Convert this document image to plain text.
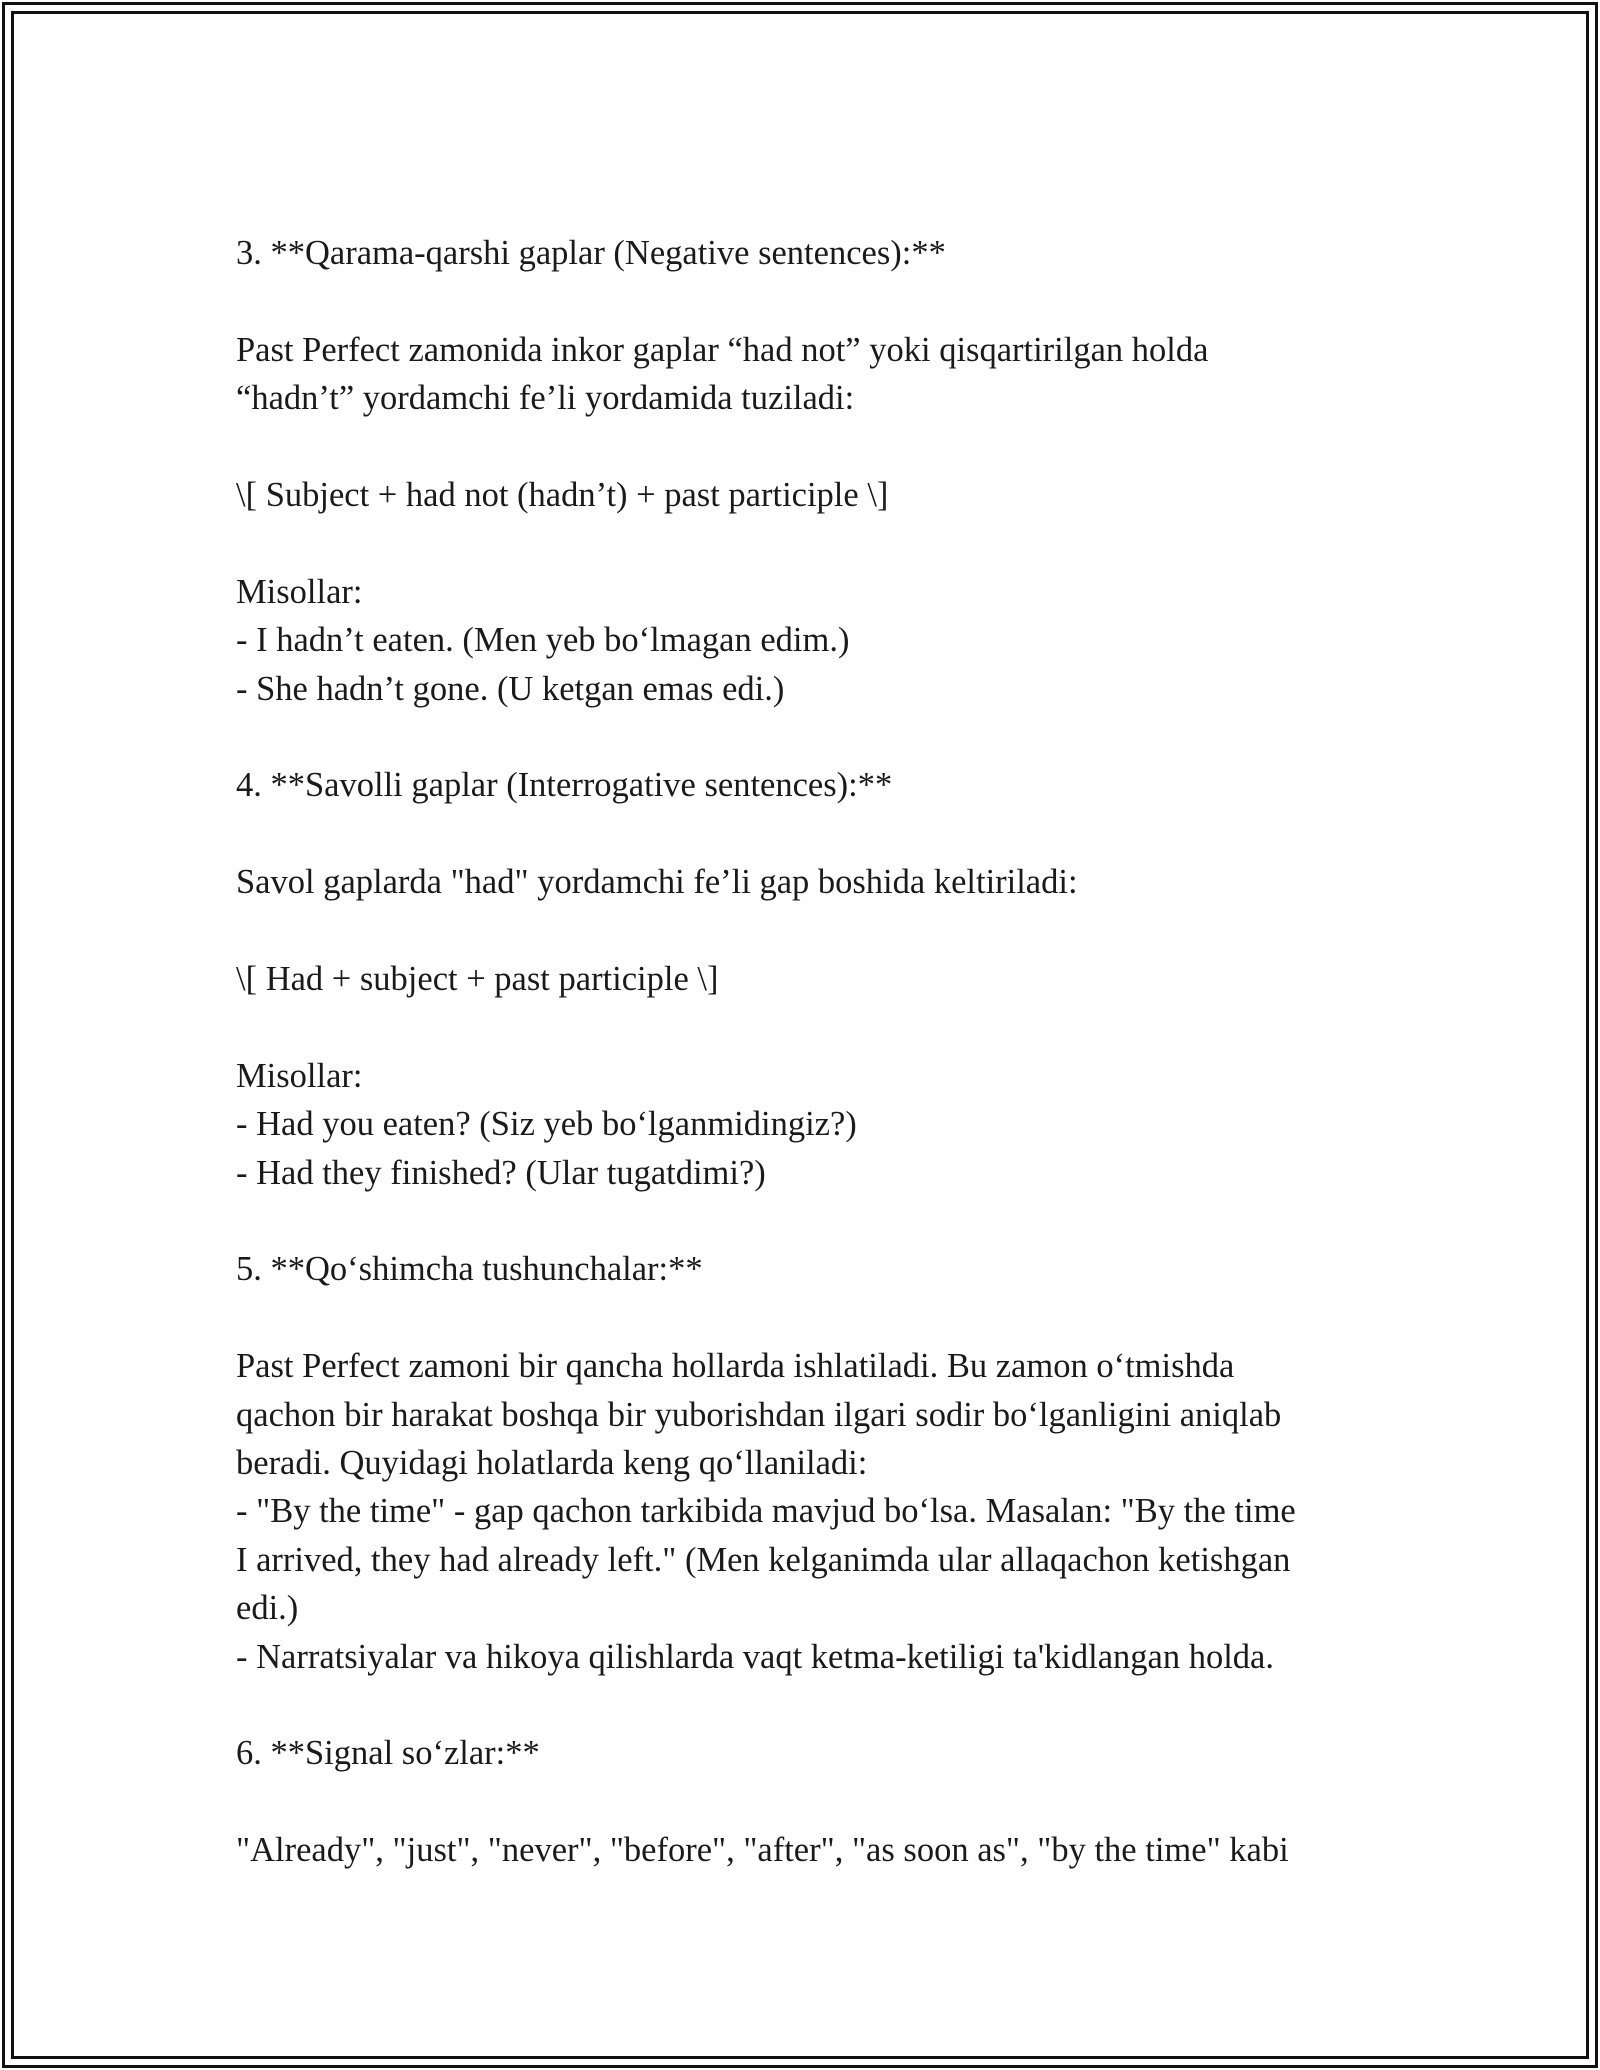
3. **Qarama-qarshi gaplar (Negative sentences):**
Past Perfect zamonida inkor gaplar “had not” yoki qisqartirilgan holda
“hadn’t” yordamchi fe’li yordamida tuziladi:
\[ Subject + had not (hadn’t) + past participle \]
Misollar:
- I hadn’t eaten. (Men yeb bo‘lmagan edim.)
- She hadn’t gone. (U ketgan emas edi.)
4. **Savolli gaplar (Interrogative sentences):**
Savol gaplarda "had" yordamchi fe’li gap boshida keltiriladi:
\[ Had + subject + past participle \]
Misollar:
- Had you eaten? (Siz yeb bo‘lganmidingiz?)
- Had they finished? (Ular tugatdimi?)
5. **Qo‘shimcha tushunchalar:**
Past Perfect zamoni bir qancha hollarda ishlatiladi. Bu zamon o‘tmishda
qachon bir harakat boshqa bir yuborishdan ilgari sodir bo‘lganligini aniqlab
beradi. Quyidagi holatlarda keng qo‘llaniladi:
- "By the time" - gap qachon tarkibida mavjud bo‘lsa. Masalan: "By the time
I arrived, they had already left." (Men kelganimda ular allaqachon ketishgan
edi.)
- Narratsiyalar va hikoya qilishlarda vaqt ketma-ketiligi ta'kidlangan holda.
6. **Signal so‘zlar:**
"Already", "just", "never", "before", "after", "as soon as", "by the time" kabi
